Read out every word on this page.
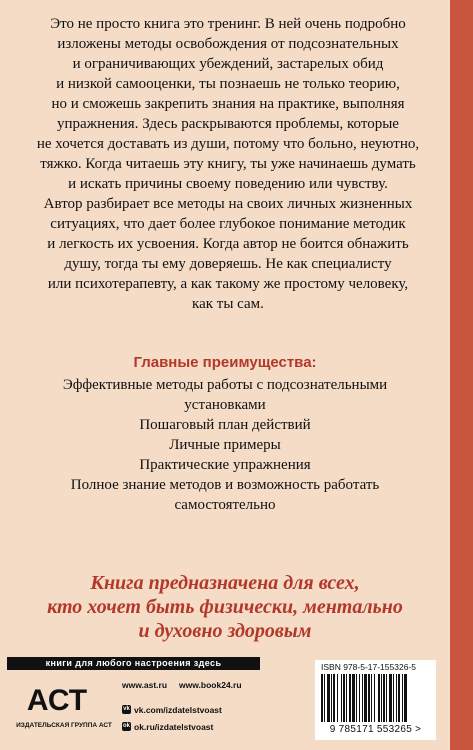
Это не просто книга это тренинг. В ней очень подробно
изложены методы освобождения от подсознательных
и ограничивающих убеждений, застарелых обид
и низкой самооценки, ты познаешь не только теорию,
но и сможешь закрепить знания на практике, выполняя
упражнения. Здесь раскрываются проблемы, которые
не хочется доставать из души, потому что больно, неуютно,
тяжко. Когда читаешь эту книгу, ты уже начинаешь думать
и искать причины своему поведению или чувству.
Автор разбирает все методы на своих личных жизненных
ситуациях, что дает более глубокое понимание методик
и легкость их усвоения. Когда автор не боится обнажить
душу, тогда ты ему доверяешь. Не как специалисту
или психотерапевту, а как такому же простому человеку,
как ты сам.
Главные преимущества:
Эффективные методы работы с подсознательными
установками
Пошаговый план действий
Личные примеры
Практические упражнения
Полное знание методов и возможность работать
самостоятельно
Книга предназначена для всех,
кто хочет быть физически, ментально
и духовно здоровым
книги для любого настроения здесь
АСТ
ИЗДАТЕЛЬСКАЯ ГРУППА АСТ
www.ast.ru www.book24.ru
vk vk.com/izdatelstvoast
ok ok.ru/izdatelstvoast
ISBN 978-5-17-155326-5
9 785171 553265 >
